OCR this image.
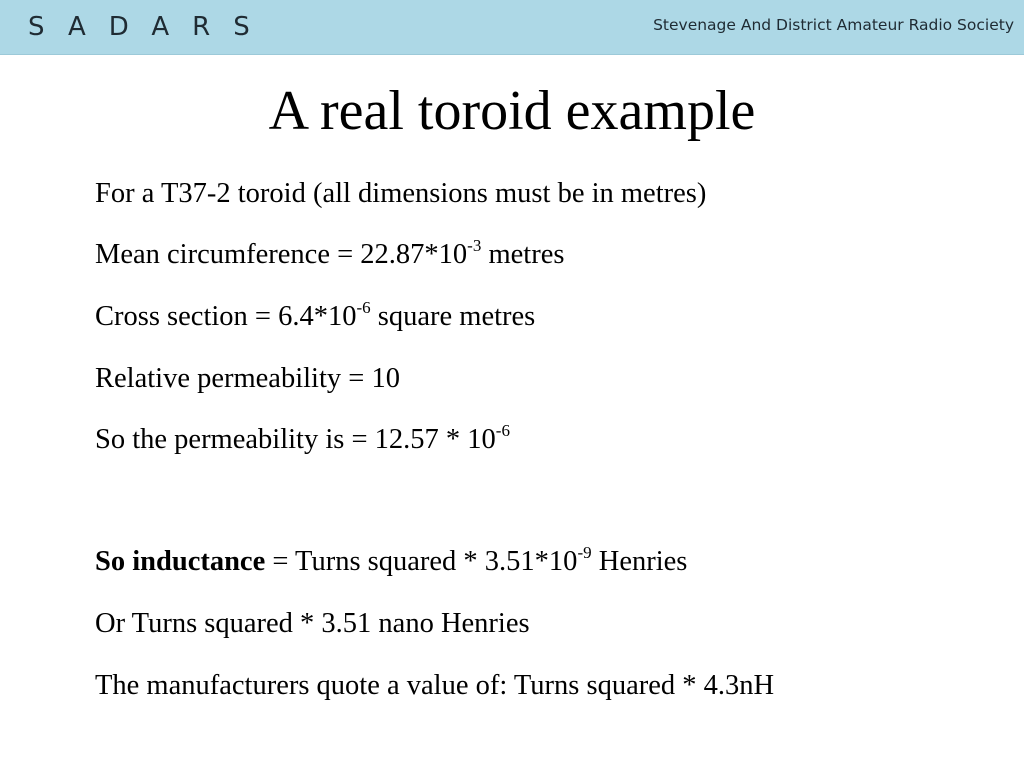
SADARS	Stevenage And District Amateur Radio Society
A real toroid example
For a T37-2 toroid (all dimensions must be in metres)
Mean circumference = $22.87*10^{-3}$ metres
Cross section = $6.4*10^{-6}$ square metres
Relative permeability = 10
So the permeability is = $12.57 * 10^{-6}$
So inductance = Turns squared * $3.51*10^{-9}$ Henries
Or Turns squared * 3.51 nano Henries
The manufacturers quote a value of: Turns squared * 4.3nH
